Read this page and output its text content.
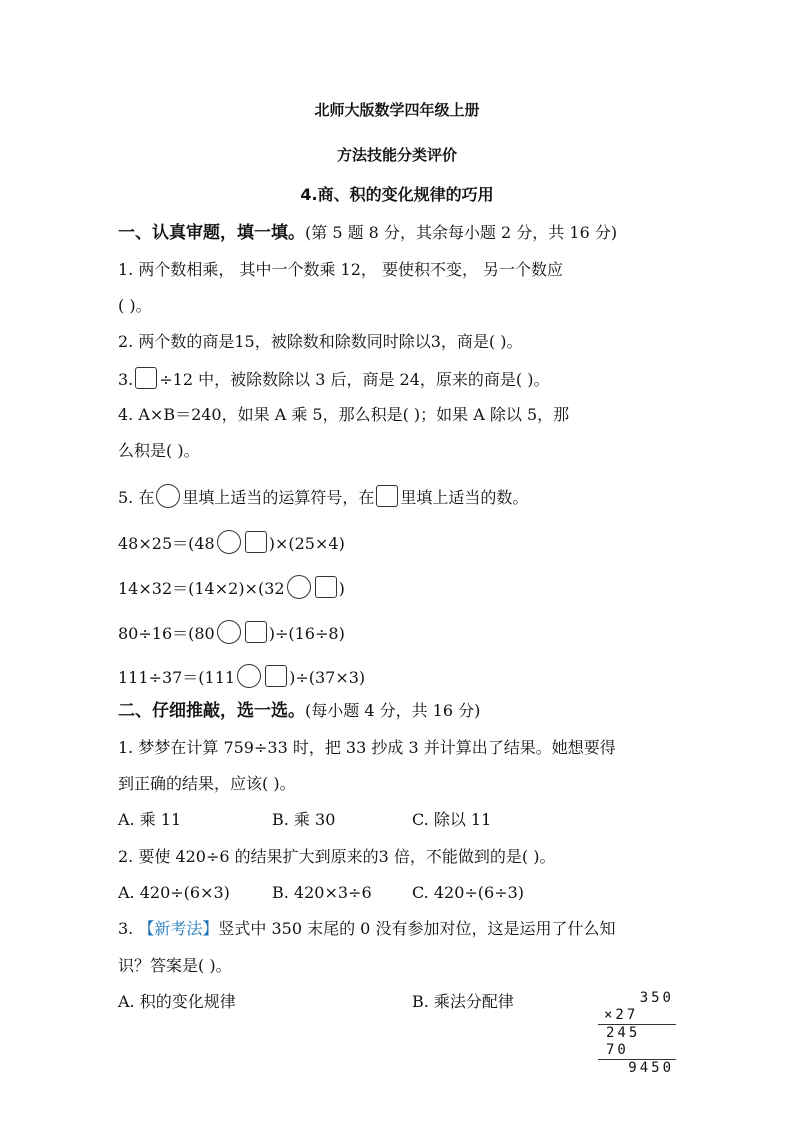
北师大版数学四年级上册
方法技能分类评价
4.商、积的变化规律的巧用
一、认真审题，填一填。(第 5 题 8 分，其余每小题 2 分，共 16 分)
1. 两个数相乘， 其中一个数乘 12， 要使积不变， 另一个数应
( )。
2. 两个数的商是15，被除数和除数同时除以3，商是( )。
3. ÷12 中，被除数除以 3 后，商是 24，原来的商是( )。
4. A×B＝240，如果 A 乘 5，那么积是( )；如果 A 除以 5，那
么积是( )。
5. 在 里填上适当的运算符号，在 里填上适当的数。
48×25＝(48	)×(25×4)
14×32＝(14×2)×(32	)
80÷16＝(80	)÷(16÷8)
111÷37＝(111	)÷(37×3)
二、仔细推敲，选一选。(每小题 4 分，共 16 分)
1. 梦梦在计算 759÷33 时，把 33 抄成 3 并计算出了结果。她想要得
到正确的结果，应该( )。
A. 乘 11	B. 乘 30	C. 除以 11
2. 要使 420÷6 的结果扩大到原来的3 倍，不能做到的是( )。
A. 420÷(6×3)	B. 420×3÷6	C. 420÷(6÷3)
3. 【新考法】竖式中 350 末尾的 0 没有参加对位，这是运用了什么知
识？答案是( )。
A. 积的变化规律	B. 乘法分配律	350
×27
245
70
9450
